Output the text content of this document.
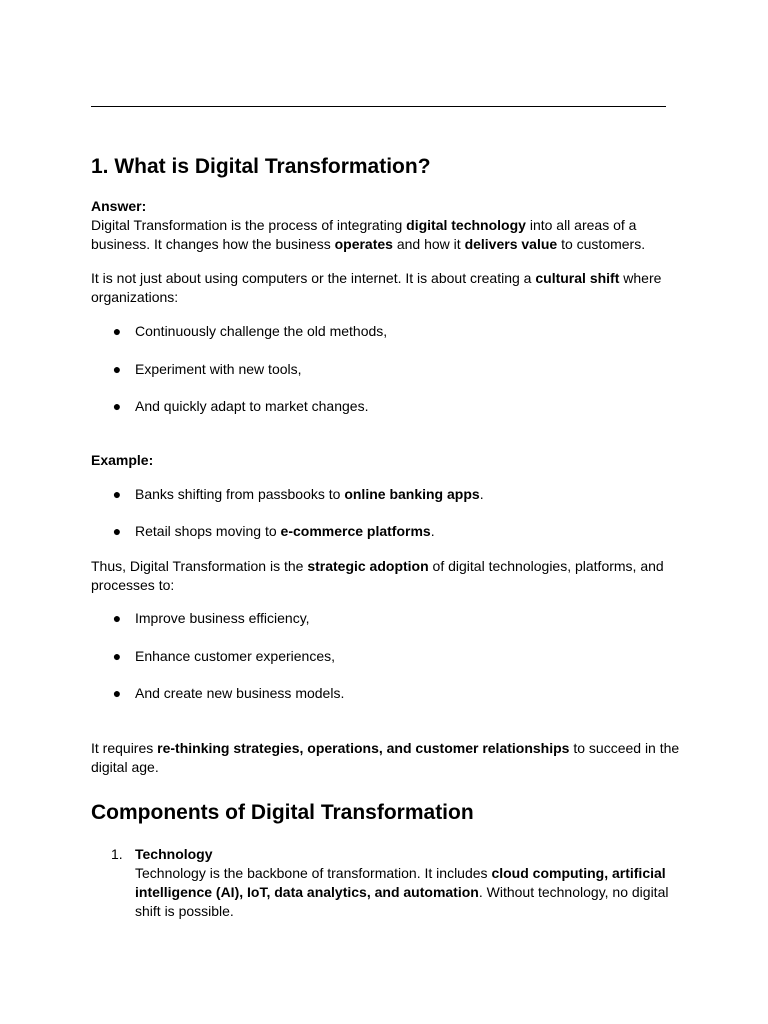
1. What is Digital Transformation?
Answer:

Digital Transformation is the process of integrating digital technology into all areas of a business. It changes how the business operates and how it delivers value to customers.

It is not just about using computers or the internet. It is about creating a cultural shift where organizations:

● Continuously challenge the old methods,
● Experiment with new tools,
● And quickly adapt to market changes.
Example:
● Banks shifting from passbooks to online banking apps.
● Retail shops moving to e-commerce platforms.

Thus, Digital Transformation is the strategic adoption of digital technologies, platforms, and processes to:

● Improve business efficiency,
● Enhance customer experiences,
● And create new business models.

It requires re-thinking strategies, operations, and customer relationships to succeed in the digital age.

Components of Digital Transformation
1. Technology
Technology is the backbone of transformation. It includes cloud computing, artificial intelligence (AI), IoT, data analytics, and automation. Without technology, no digital shift is possible.
